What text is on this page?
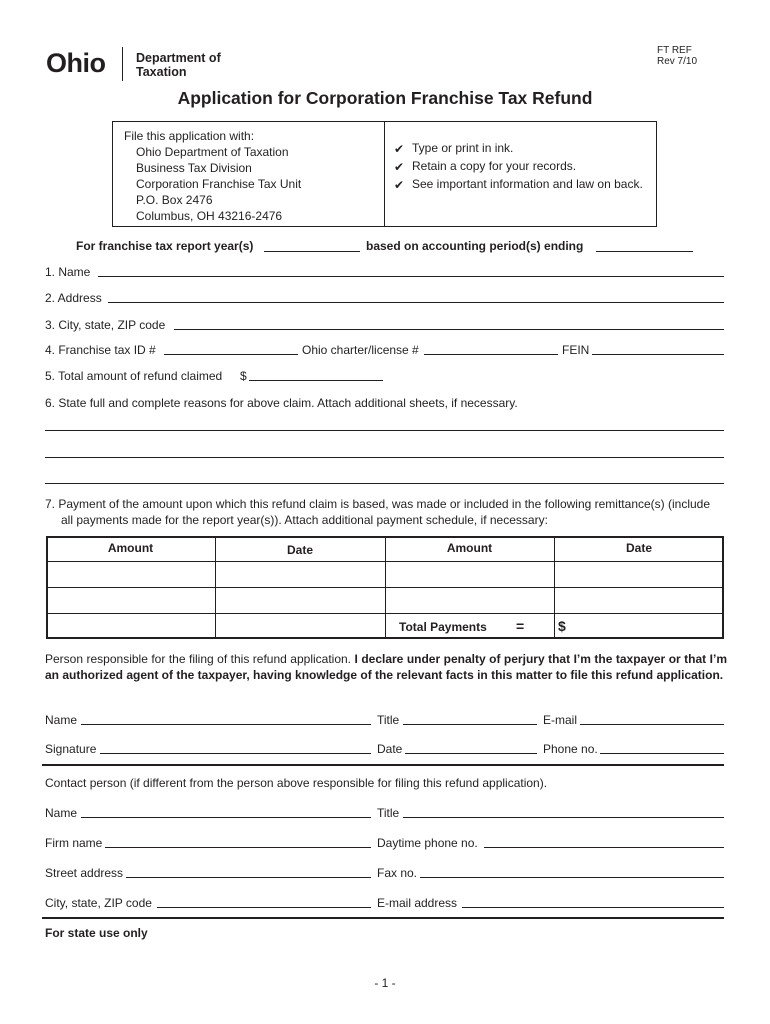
Ohio Department of Taxation
FT REF
Rev 7/10
Application for Corporation Franchise Tax Refund
File this application with:
Ohio Department of Taxation
Business Tax Division
Corporation Franchise Tax Unit
P.O. Box 2476
Columbus, OH 43216-2476
✔ Type or print in ink.
✔ Retain a copy for your records.
✔ See important information and law on back.
For franchise tax report year(s)	based on accounting period(s) ending
1. Name
2. Address
3. City, state, ZIP code
4. Franchise tax ID #	Ohio charter/license #	FEIN
5. Total amount of refund claimed $
6. State full and complete reasons for above claim. Attach additional sheets, if necessary.
7. Payment of the amount upon which this refund claim is based, was made or included in the following remittance(s) (include
all payments made for the report year(s)). Attach additional payment schedule, if necessary:
Amount	Date	Amount	Date
Total Payments = $
Person responsible for the filing of this refund application. I declare under penalty of perjury that I’m the taxpayer or that I’m an authorized agent of the taxpayer, having knowledge of the relevant facts in this matter to file this refund application.
Name	Title	E-mail
Signature	Date	Phone no.
Contact person (if different from the person above responsible for filing this refund application).
Name	Title
Firm name	Daytime phone no.
Street address	Fax no.
City, state, ZIP code	E-mail address
For state use only
- 1 -
